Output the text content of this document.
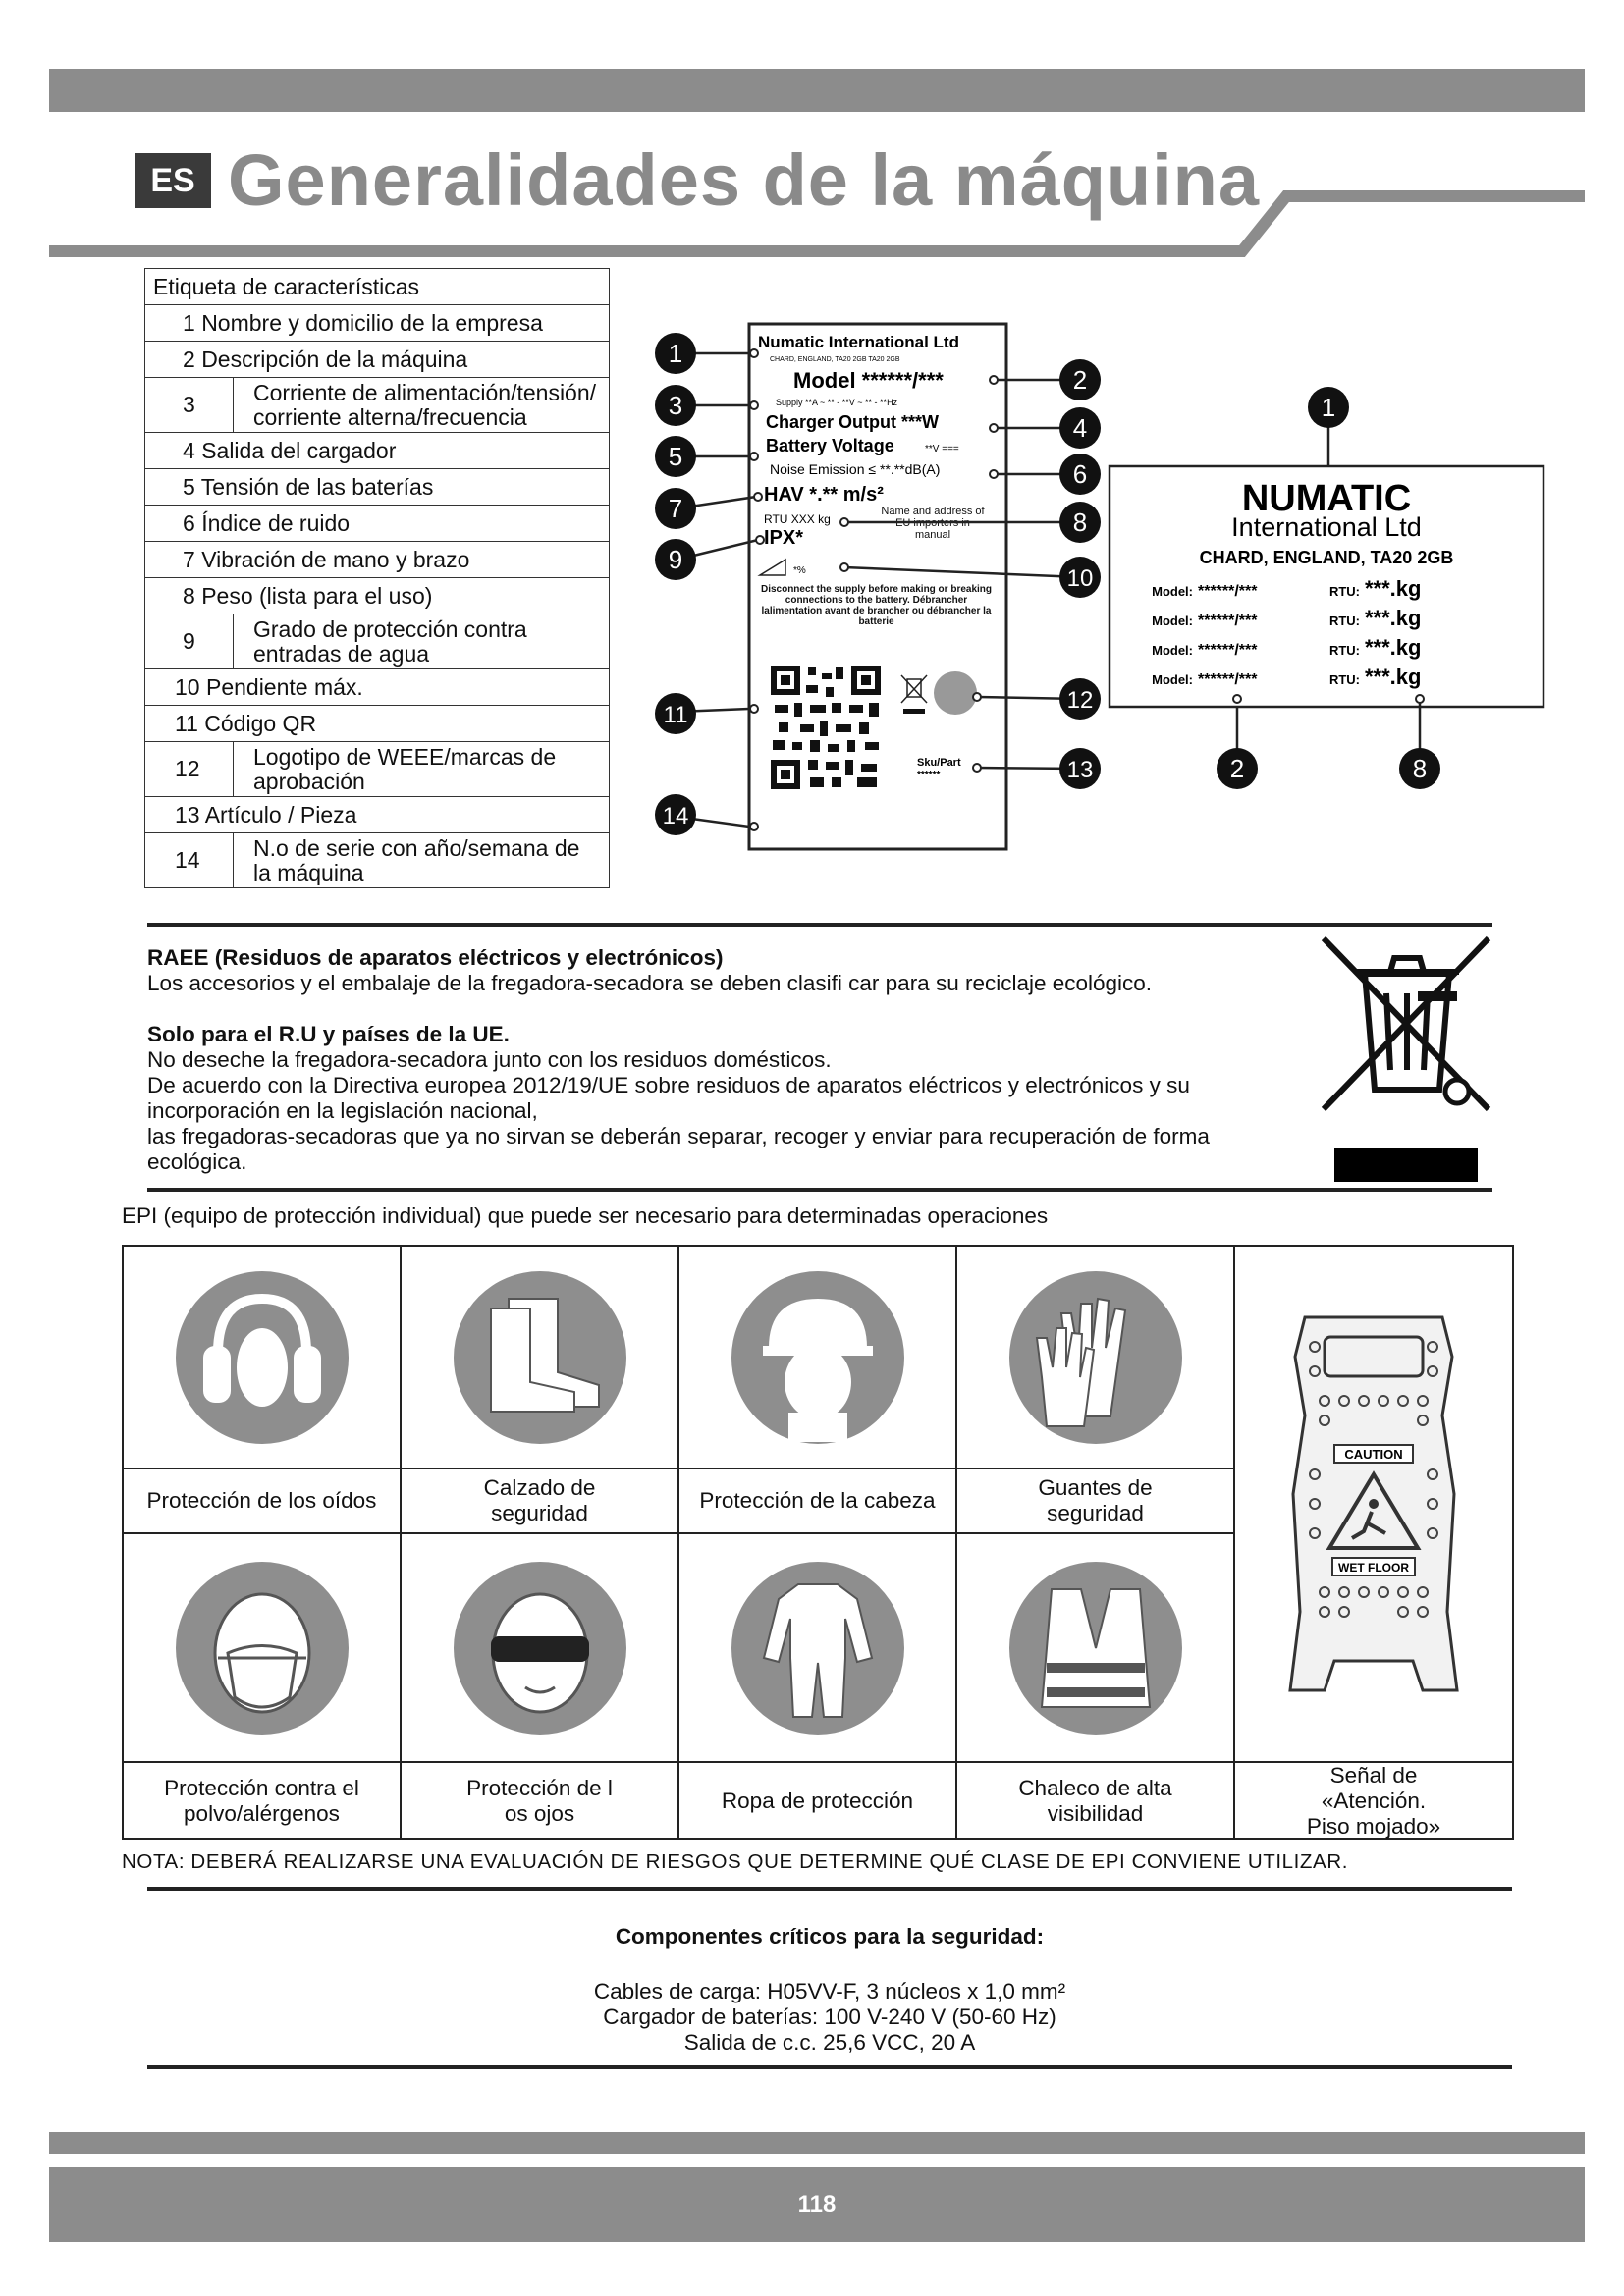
ES Generalidades de la máquina
Etiqueta de características	
1 Nombre y domicilio de la empresa	
2 Descripción de la máquina	
3	Corriente de alimentación/tensión/
corriente alterna/frecuencia
4 Salida del cargador	
5 Tensión de las baterías	
6 Índice de ruido	
7 Vibración de mano y brazo	
8 Peso (lista para el uso)	
9	Grado de protección contra
entradas de agua
10 Pendiente máx.	
11 Código QR	
12	Logotipo de WEEE/marcas de
aprobación
13 Artículo / Pieza	
14	N.o de serie con año/semana de
la máquina
Numatic International Ltd
CHARD, ENGLAND, TA20 2GB TA20 2GB
Model ******/***
Supply **A ~ ** - **V ~ ** - **Hz
Charger Output ***W
Battery Voltage	**V ===
Noise Emission ≤ **.**dB(A)
HAV *.** m/s²
RTU XXX kg
IPX*
Name and address of EU importers in manual
*%
Disconnect the supply before making or breaking connections to the battery. Débrancher lalimentation avant de brancher ou débrancher la batterie
Sku/Part
******
1
3
5
7
9
11
14
2
4
6
8
10
12
13
NUMATIC
International Ltd
CHARD, ENGLAND, TA20 2GB
Model: ******/***	RTU: ***.kg
Model: ******/***	RTU: ***.kg
Model: ******/***	RTU: ***.kg
Model: ******/***	RTU: ***.kg
1
2	8

RAEE (Residuos de aparatos eléctricos y electrónicos)

Los accesorios y el embalaje de la fregadora-secadora se deben clasifi car para su reciclaje ecológico.

Solo para el R.U y países de la UE.

No deseche la fregadora-secadora junto con los residuos domésticos.

De acuerdo con la Directiva europea 2012/19/UE sobre residuos de aparatos eléctricos y electrónicos y su incorporación en la legislación nacional,

las fregadoras-secadoras que ya no sirvan se deberán separar, recoger y enviar para recuperación de forma ecológica.

EPI (equipo de protección individual) que puede ser necesario para determinadas operaciones
Protección de los oídos
Calzado de
seguridad
Protección de la cabeza
Guantes de
seguridad
Protección contra el
polvo/alérgenos
Protección de l
os ojos
Ropa de protección
Chaleco de alta
visibilidad
CAUTION
WET FLOOR
Señal de
«Atención.
Piso mojado»
NOTA: DEBERÁ REALIZARSE UNA EVALUACIÓN DE RIESGOS QUE DETERMINE QUÉ CLASE DE EPI CONVIENE UTILIZAR.
Componentes críticos para la seguridad:
Cables de carga: H05VV-F, 3 núcleos x 1,0 mm²
Cargador de baterías: 100 V-240 V (50-60 Hz)
Salida de c.c. 25,6 VCC, 20 A
118
